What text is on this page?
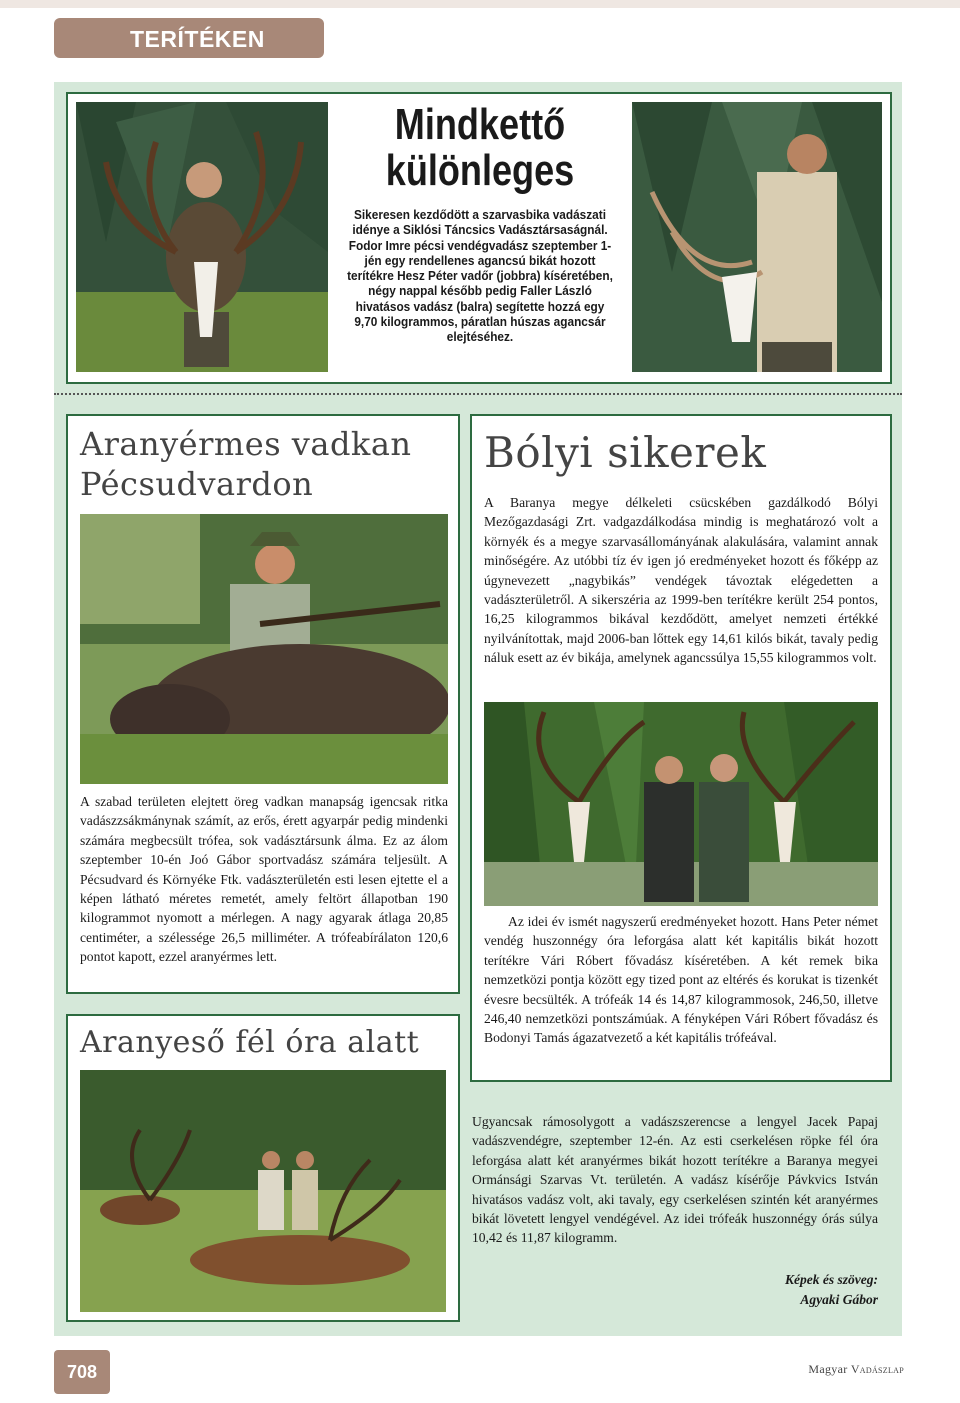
TERÍTÉKEN
Mindkettő
különleges
Sikeresen kezdődött a szarvasbika vadászati idénye a Siklósi Táncsics Vadásztársaságnál. Fodor Imre pécsi vendégvadász szeptember 1-jén egy rendellenes agancsú bikát hozott terítékre Hesz Péter vadőr (jobbra) kíséretében, négy nappal később pedig Faller László hivatásos vadász (balra) segítette hozzá egy 9,70 kilogrammos, páratlan húszas agancsár elejtéséhez.
Aranyérmes vadkan
Pécsudvardon
A szabad területen elejtett öreg vadkan manapság igencsak ritka vadászzsákmánynak számít, az erős, érett agyarpár pedig mindenki számára megbecsült trófea, sok vadásztársunk álma. Ez az álom szeptember 10-én Joó Gábor sportvadász számára teljesült. A Pécsudvard és Környéke Ftk. vadászterületén esti lesen ejtette el a képen látható méretes remetét, amely feltört állapotban 190 kilogrammot nyomott a mérlegen. A nagy agyarak átlaga 20,85 centiméter, a szélessége 26,5 milliméter. A trófeabírálaton 120,6 pontot kapott, ezzel aranyérmes lett.
Bólyi sikerek
A Baranya megye délkeleti csücskében gazdálkodó Bólyi Mezőgazdasági Zrt. vadgazdálkodása mindig is meghatározó volt a környék és a megye szarvasállományának alakulására, valamint annak minőségére. Az utóbbi tíz év igen jó eredményeket hozott és főképp az úgynevezett „nagybikás” vendégek távoztak elégedetten a vadászterületről. A sikerszéria az 1999-ben terítékre került 254 pontos, 16,25 kilogrammos bikával kezdődött, amelyet nemzeti értékké nyilvánítottak, majd 2006-ban lőttek egy 14,61 kilós bikát, tavaly pedig náluk esett az év bikája, amelynek agancssúlya 15,55 kilogrammos volt.
Az idei év ismét nagyszerű eredményeket hozott. Hans Peter német vendég huszonnégy óra leforgása alatt két kapitális bikát hozott terítékre Vári Róbert fővadász kíséretében. A két remek bika nemzetközi pontja között egy tized pont az eltérés és korukat is tizenkét évesre becsülték. A trófeák 14 és 14,87 kilogrammosok, 246,50, illetve 246,40 nemzetközi pontszámúak. A fényképen Vári Róbert fővadász és Bodonyi Tamás ágazatvezető a két kapitális trófeával.
Aranyeső fél óra alatt
Ugyancsak rámosolygott a vadászszerencse a lengyel Jacek Papaj vadászvendégre, szeptember 12-én. Az esti cserkelésen röpke fél óra leforgása alatt két aranyérmes bikát hozott terítékre a Baranya megyei Ormánsági Szarvas Vt. területén. A vadász kísérője Pávkvics István hivatásos vadász volt, aki tavaly, egy cserkelésen szintén két aranyérmes bikát lövetett lengyel vendégével. Az idei trófeák huszonnégy órás súlya 10,42 és 11,87 kilogramm.
Képek és szöveg:
Agyaki Gábor
708	Magyar Vadászlap
